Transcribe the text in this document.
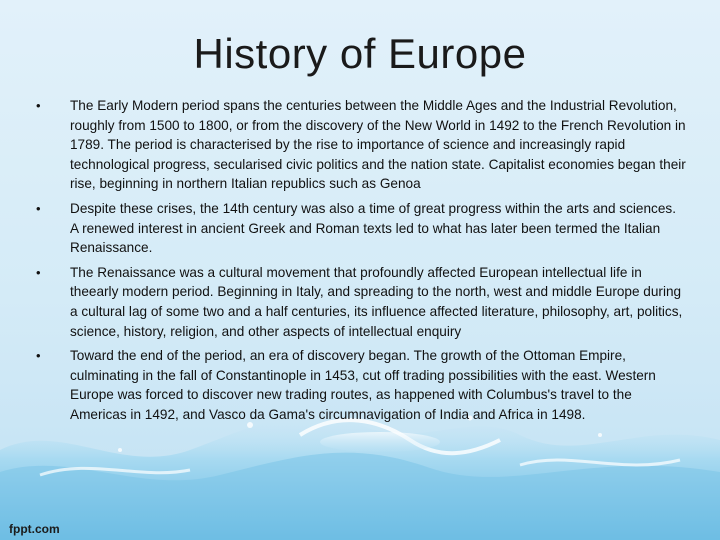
History of Europe
• The Early Modern period spans the centuries between the Middle Ages and the Industrial Revolution, roughly from 1500 to 1800, or from the discovery of the New World in 1492 to the French Revolution in 1789. The period is characterised by the rise to importance of science and increasingly rapid technological progress, secularised civic politics and the nation state. Capitalist economies began their rise, beginning in northern Italian republics such as Genoa
• Despite these crises, the 14th century was also a time of great progress within the arts and sciences. A renewed interest in ancient Greek and Roman texts led to what has later been termed the Italian Renaissance.
• The Renaissance was a cultural movement that profoundly affected European intellectual life in theearly modern period. Beginning in Italy, and spreading to the north, west and middle Europe during a cultural lag of some two and a half centuries, its influence affected literature, philosophy, art, politics, science, history, religion, and other aspects of intellectual enquiry
• Toward the end of the period, an era of discovery began. The growth of the Ottoman Empire, culminating in the fall of Constantinople in 1453, cut off trading possibilities with the east. Western Europe was forced to discover new trading routes, as happened with Columbus's travel to the Americas in 1492, and Vasco da Gama's circumnavigation of India and Africa in 1498.
fppt.com
